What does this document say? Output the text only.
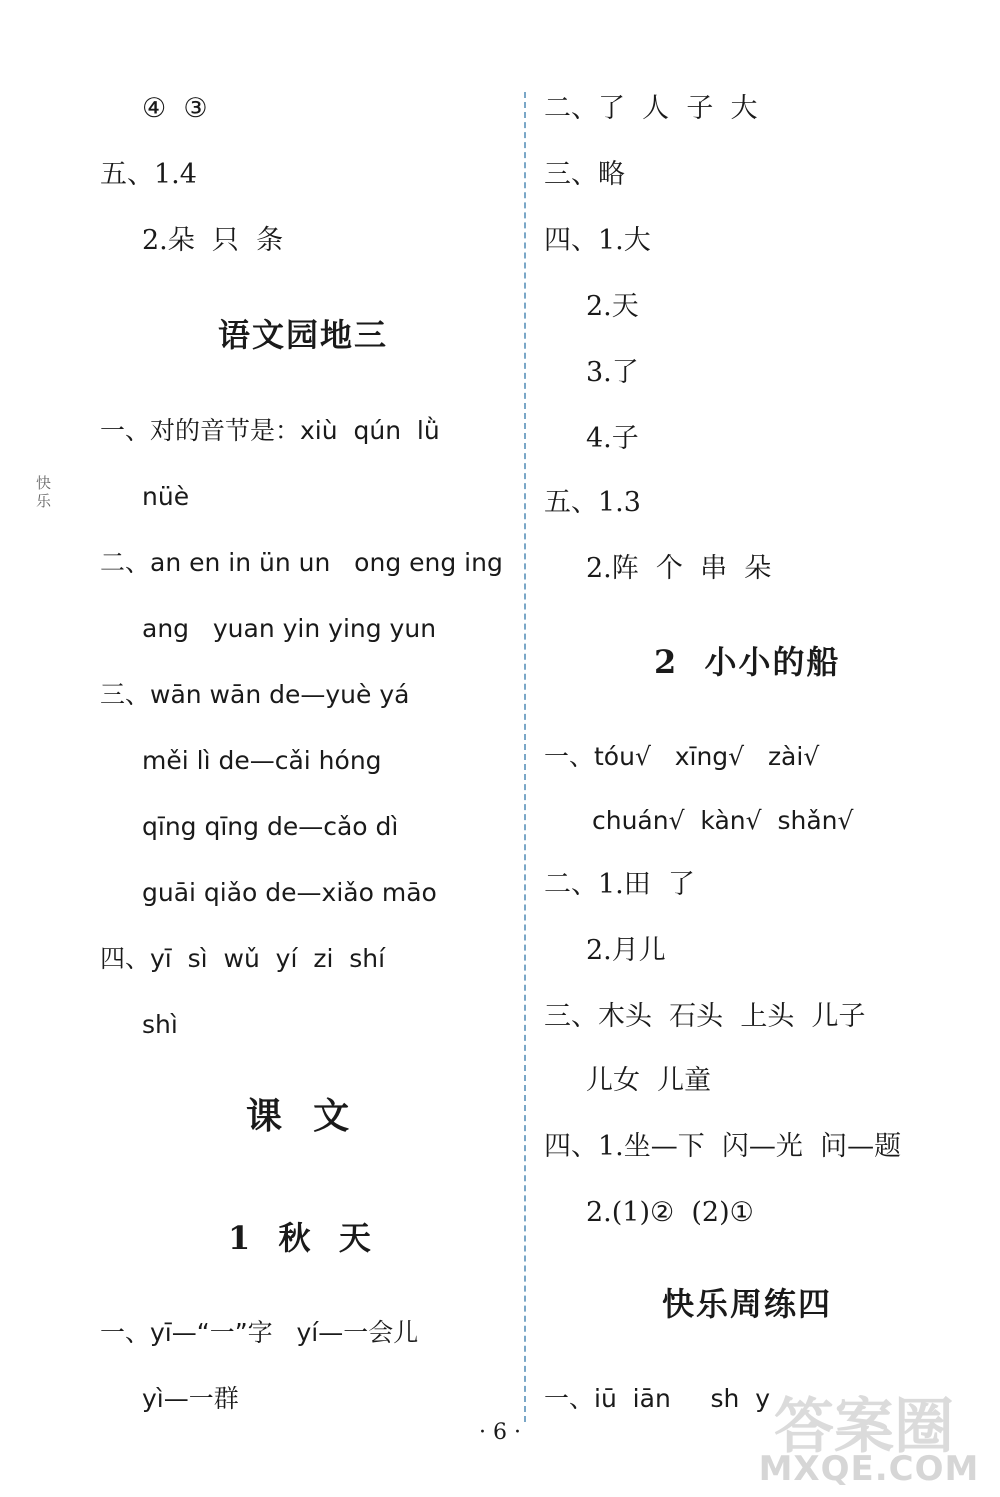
④  ③
五、1.4
2.朵  只  条
语文园地三
一、对的音节是：xiù  qún  lǜ
nüè
二、an en in ün un   ong eng ing
ang   yuan yin ying yun
三、wān wān de—yuè yá
měi lì de—cǎi hóng
qīng qīng de—cǎo dì
guāi qiǎo de—xiǎo māo
四、yī  sì  wǔ  yí  zi  shí
shì
课  文
1  秋  天
一、yī—“一”字   yí—一会儿
yì—一群
快 乐
二、了  人  子  大
三、略
四、1.大
2.天
3.了
4.子
五、1.3
2.阵  个  串  朵
2  小小的船
一、tóu√   xīng√   zài√
chuán√  kàn√  shǎn√
二、1.田  了
2.月儿
三、木头  石头  上头  儿子
儿女  儿童
四、1.坐—下  闪—光  问—题
2.(1)②  (2)①
快乐周练四
一、iū  iān     sh  y
· 6 ·	答案圈
MXQE.COM
